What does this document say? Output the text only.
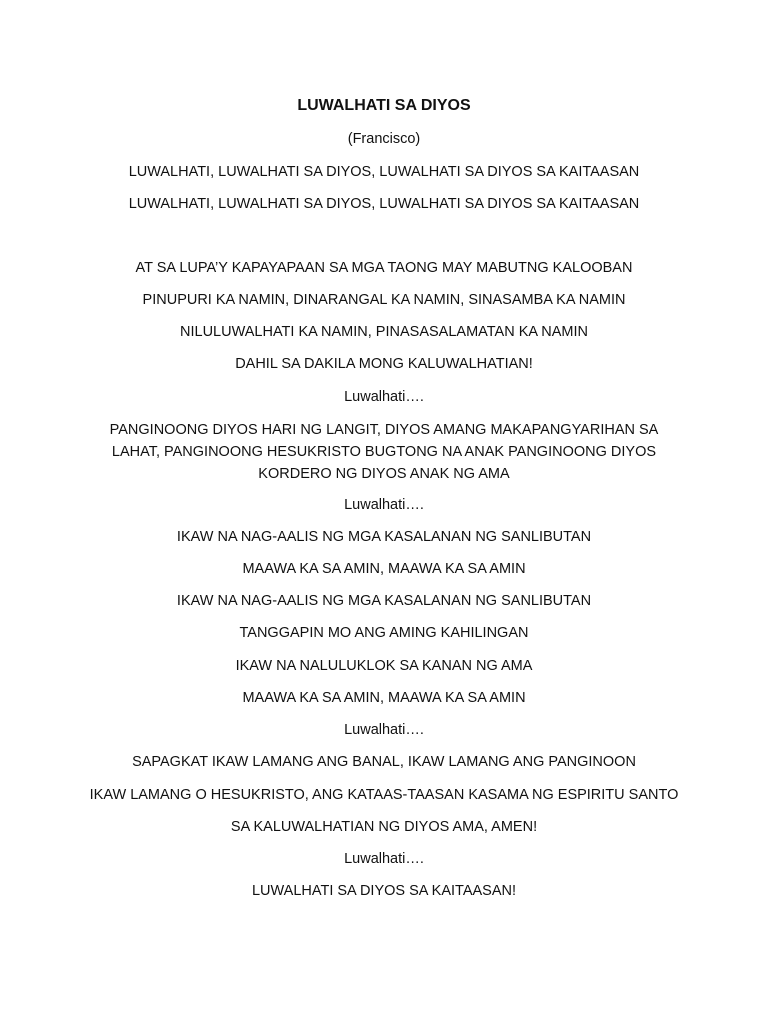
LUWALHATI SA DIYOS
(Francisco)
LUWALHATI, LUWALHATI SA DIYOS, LUWALHATI SA DIYOS SA KAITAASAN
LUWALHATI, LUWALHATI SA DIYOS, LUWALHATI SA DIYOS SA KAITAASAN
AT SA LUPA’Y KAPAYAPAAN SA MGA TAONG MAY MABUTNG KALOOBAN
PINUPURI KA NAMIN, DINARANGAL KA NAMIN, SINASAMBA KA NAMIN
NILULUWALHATI KA NAMIN, PINASASALAMATAN KA NAMIN
DAHIL SA DAKILA MONG KALUWALHATIAN!
Luwalhati….
PANGINOONG DIYOS HARI NG LANGIT, DIYOS AMANG MAKAPANGYARIHAN SA LAHAT, PANGINOONG HESUKRISTO BUGTONG NA ANAK PANGINOONG DIYOS KORDERO NG DIYOS ANAK NG AMA
Luwalhati….
IKAW NA NAG-AALIS NG MGA KASALANAN NG SANLIBUTAN
MAAWA KA SA AMIN, MAAWA KA SA AMIN
IKAW NA NAG-AALIS NG MGA KASALANAN NG SANLIBUTAN
TANGGAPIN MO ANG AMING KAHILINGAN
IKAW NA NALULUKLOK SA KANAN NG AMA
MAAWA KA SA AMIN, MAAWA KA SA AMIN
Luwalhati….
SAPAGKAT IKAW LAMANG ANG BANAL, IKAW LAMANG ANG PANGINOON
IKAW LAMANG O HESUKRISTO, ANG KATAAS-TAASAN KASAMA NG ESPIRITU SANTO
SA KALUWALHATIAN NG DIYOS AMA, AMEN!
Luwalhati….
LUWALHATI SA DIYOS SA KAITAASAN!
